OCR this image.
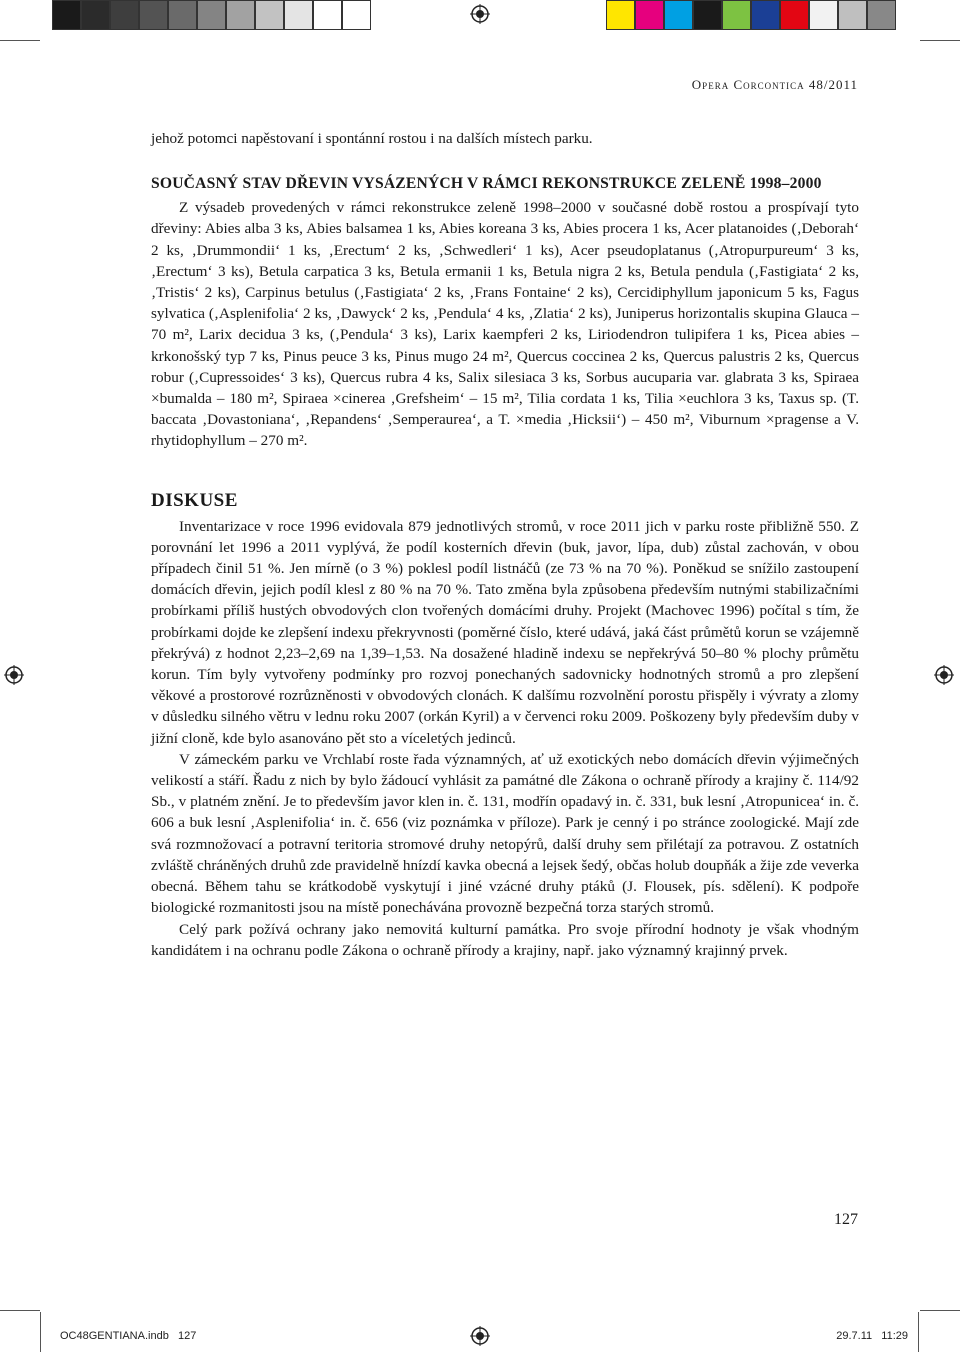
Opera Corcontica 48/2011

jehož potomci napěstovaní i spontánní rostou i na dalších místech parku.

SOUČASNÝ STAV DŘEVIN VYSÁZENÝCH V RÁMCI REKONSTRUKCE ZELENĚ 1998–2000

Z výsadeb provedených v rámci rekonstrukce zeleně 1998–2000 v současné době rostou a prospívají tyto dřeviny: Abies alba 3 ks, Abies balsamea 1 ks, Abies koreana 3 ks, Abies procera 1 ks, Acer platanoides (‚Deborah‘ 2 ks, ‚Drummondii‘ 1 ks, ‚Erectum‘ 2 ks, ‚Schwedleri‘ 1 ks), Acer pseudoplatanus (‚Atropurpureum‘ 3 ks, ‚Erectum‘ 3 ks), Betula carpatica 3 ks, Betula ermanii 1 ks, Betula nigra 2 ks, Betula pendula (‚Fastigiata‘ 2 ks, ‚Tristis‘ 2 ks), Carpinus betulus (‚Fastigiata‘ 2 ks, ‚Frans Fontaine‘ 2 ks), Cercidiphyllum japonicum 5 ks, Fagus sylvatica (‚Asplenifolia‘ 2 ks, ‚Dawyck‘ 2 ks, ‚Pendula‘ 4 ks, ‚Zlatia‘ 2 ks), Juniperus horizontalis skupina Glauca – 70 m², Larix decidua 3 ks, (‚Pendula‘ 3 ks), Larix kaempferi 2 ks, Liriodendron tulipifera 1 ks, Picea abies – krkonošský typ 7 ks, Pinus peuce 3 ks, Pinus mugo 24 m², Quercus coccinea 2 ks, Quercus palustris 2 ks, Quercus robur (‚Cupressoides‘ 3 ks), Quercus rubra 4 ks, Salix silesiaca 3 ks, Sorbus aucuparia var. glabrata 3 ks, Spiraea ×bumalda – 180 m², Spiraea ×cinerea ‚Grefsheim‘ – 15 m², Tilia cordata 1 ks, Tilia ×euchlora 3 ks, Taxus sp. (T. baccata ‚Dovastoniana‘, ‚Repandens‘ ‚Semperaurea‘, a T. ×media ‚Hicksii‘) – 450 m², Viburnum ×pragense a V. rhytidophyllum – 270 m².

DISKUSE

Inventarizace v roce 1996 evidovala 879 jednotlivých stromů, v roce 2011 jich v parku roste přibližně 550. Z porovnání let 1996 a 2011 vyplývá, že podíl kosterních dřevin (buk, javor, lípa, dub) zůstal zachován, v obou případech činil 51 %. Jen mírně (o 3 %) poklesl podíl listnáčů (ze 73 % na 70 %). Poněkud se snížilo zastoupení domácích dřevin, jejich podíl klesl z 80 % na 70 %. Tato změna byla způsobena především nutnými stabilizačními probírkami příliš hustých obvodových clon tvořených domácími druhy. Projekt (Machovec 1996) počítal s tím, že probírkami dojde ke zlepšení indexu překryvnosti (poměrné číslo, které udává, jaká část průmětů korun se vzájemně překrývá) z hodnot 2,23–2,69 na 1,39–1,53. Na dosažené hladině indexu se nepřekrývá 50–80 % plochy průmětu korun. Tím byly vytvořeny podmínky pro rozvoj ponechaných sadovnicky hodnotných stromů a pro zlepšení věkové a prostorové rozrůzněnosti v obvodových clonách. K dalšímu rozvolnění porostu přispěly i vývraty a zlomy v důsledku silného větru v lednu roku 2007 (orkán Kyril) a v červenci roku 2009. Poškozeny byly především duby v jižní cloně, kde bylo asanováno pět sto a víceletých jedinců.

V zámeckém parku ve Vrchlabí roste řada významných, ať už exotických nebo domácích dřevin výjimečných velikostí a stáří. Řadu z nich by bylo žádoucí vyhlásit za památné dle Zákona o ochraně přírody a krajiny č. 114/92 Sb., v platném znění. Je to především javor klen in. č. 131, modřín opadavý in. č. 331, buk lesní ‚Atropunicea‘ in. č. 606 a buk lesní ‚Asplenifolia‘ in. č. 656 (viz poznámka v příloze). Park je cenný i po stránce zoologické. Mají zde svá rozmnožovací a potravní teritoria stromové druhy netopýrů, další druhy sem přilétají za potravou. Z ostatních zvláště chráněných druhů zde pravidelně hnízdí kavka obecná a lejsek šedý, občas holub doupňák a žije zde veverka obecná. Během tahu se krátkodobě vyskytují i jiné vzácné druhy ptáků (J. Flousek, pís. sdělení). K podpoře biologické rozmanitosti jsou na místě ponechávána provozně bezpečná torza starých stromů.

Celý park požívá ochrany jako nemovitá kulturní památka. Pro svoje přírodní hodnoty je však vhodným kandidátem i na ochranu podle Zákona o ochraně přírody a krajiny, např. jako významný krajinný prvek.

127
OC48GENTIANA.indb   127	29.7.11   11:29
